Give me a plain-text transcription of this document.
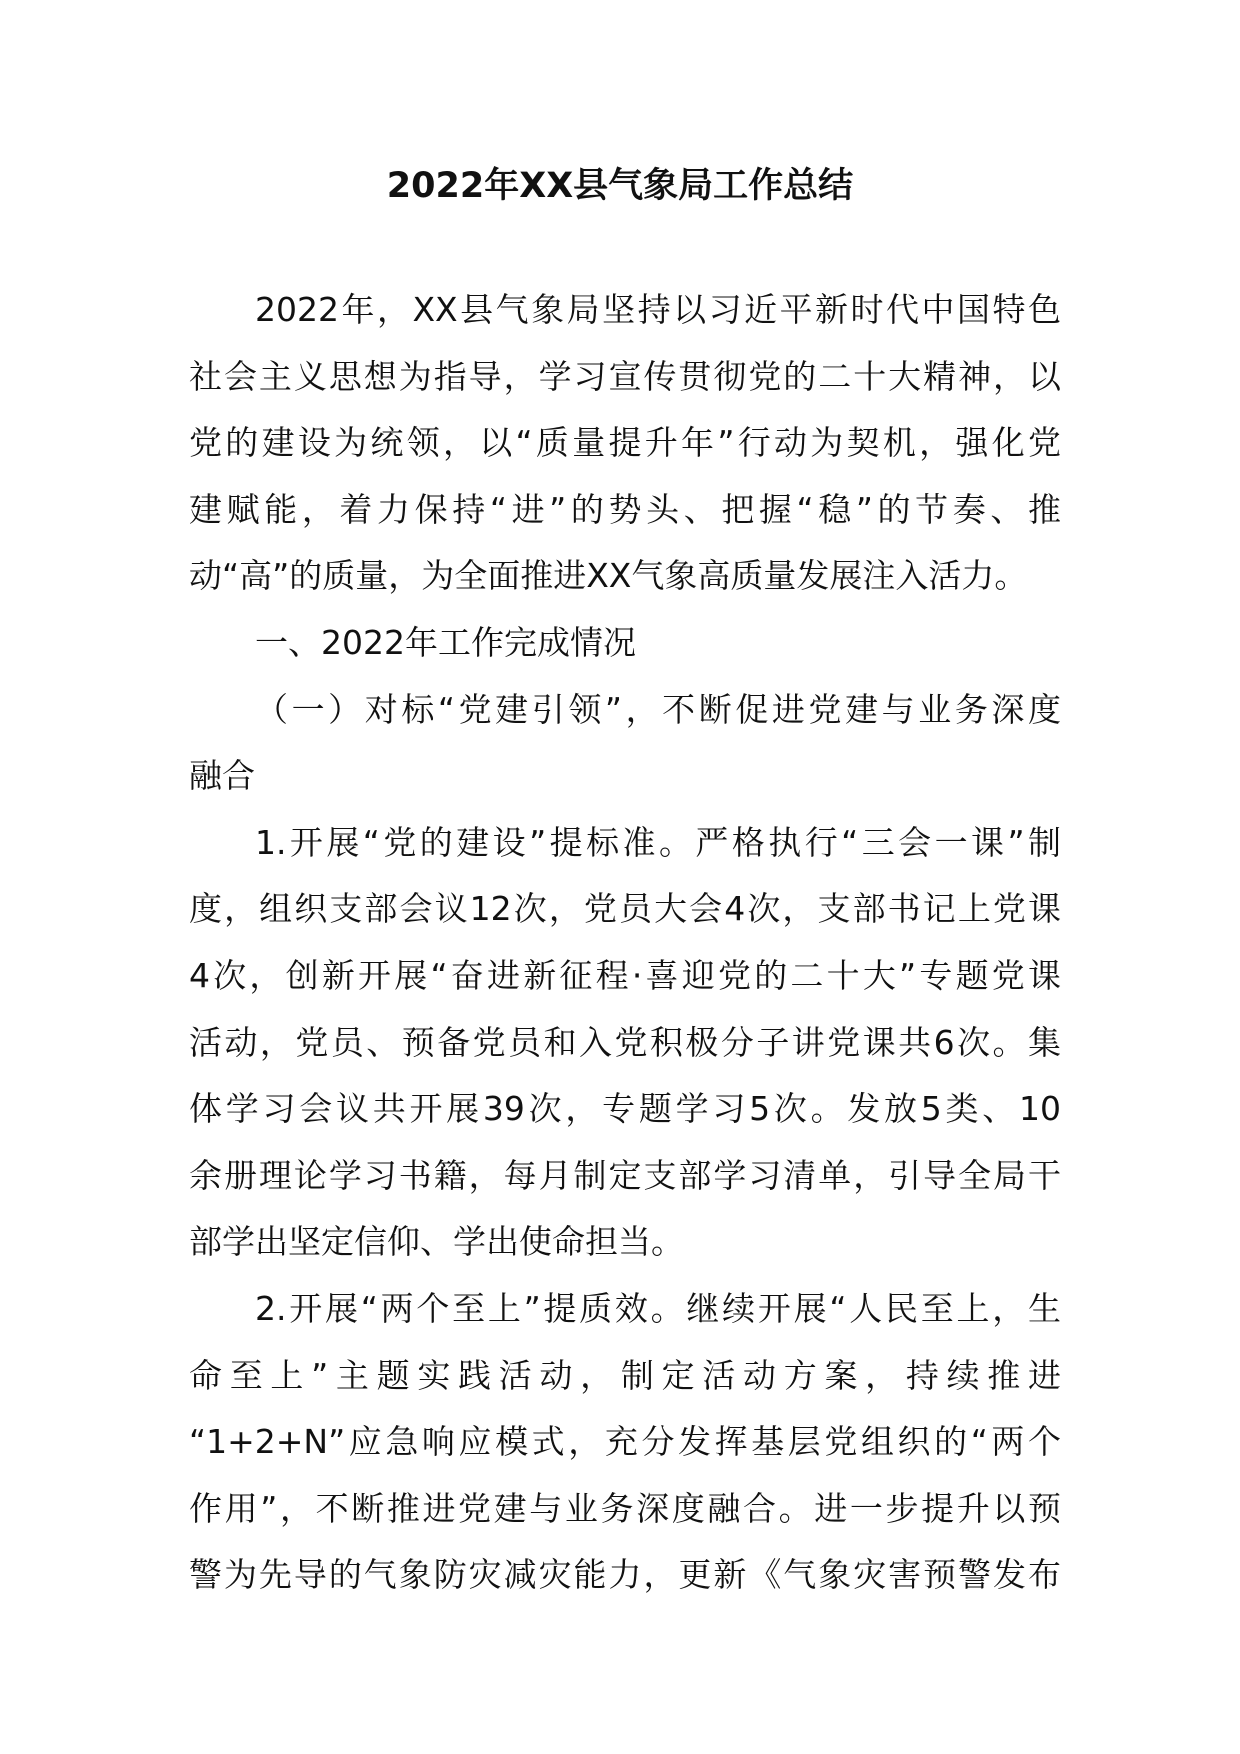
2022年XX县气象局工作总结
2022年，XX县气象局坚持以习近平新时代中国特色
社会主义思想为指导，学习宣传贯彻党的二十大精神，以
党的建设为统领，以“质量提升年”行动为契机，强化党
建赋能，着力保持“进”的势头、把握“稳”的节奏、推
动“高”的质量，为全面推进XX气象高质量发展注入活力。
一、2022年工作完成情况
（一）对标“党建引领”，不断促进党建与业务深度
融合
1.开展“党的建设”提标准。严格执行“三会一课”制
度，组织支部会议12次，党员大会4次，支部书记上党课
4次，创新开展“奋进新征程·喜迎党的二十大”专题党课
活动，党员、预备党员和入党积极分子讲党课共6次。集
体学习会议共开展39次，专题学习5次。发放5类、10
余册理论学习书籍，每月制定支部学习清单，引导全局干
部学出坚定信仰、学出使命担当。
2.开展“两个至上”提质效。继续开展“人民至上，生
命至上”主题实践活动，制定活动方案，持续推进
“1+2+N”应急响应模式，充分发挥基层党组织的“两个
作用”，不断推进党建与业务深度融合。进一步提升以预
警为先导的气象防灾减灾能力，更新《气象灾害预警发布
